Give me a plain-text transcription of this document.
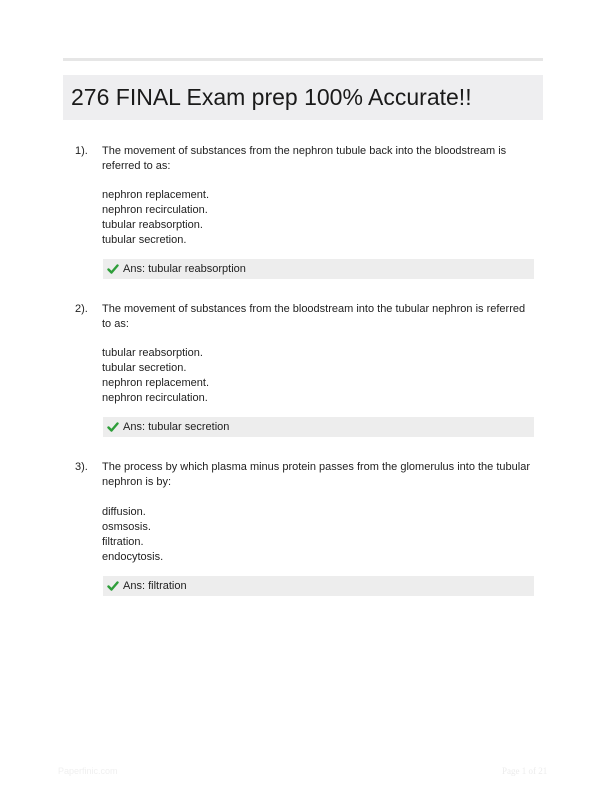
276 FINAL Exam prep 100% Accurate!!
1). The movement of substances from the nephron tubule back into the bloodstream is referred to as:
nephron replacement.
nephron recirculation.
tubular reabsorption.
tubular secretion.
Ans: tubular reabsorption
2). The movement of substances from the bloodstream into the tubular nephron is referred to as:
tubular reabsorption.
tubular secretion.
nephron replacement.
nephron recirculation.
Ans: tubular secretion
3). The process by which plasma minus protein passes from the glomerulus into the tubular nephron is by:
diffusion.
osmsosis.
filtration.
endocytosis.
Ans: filtration
Paperfinic.com	Page 1 of 21
